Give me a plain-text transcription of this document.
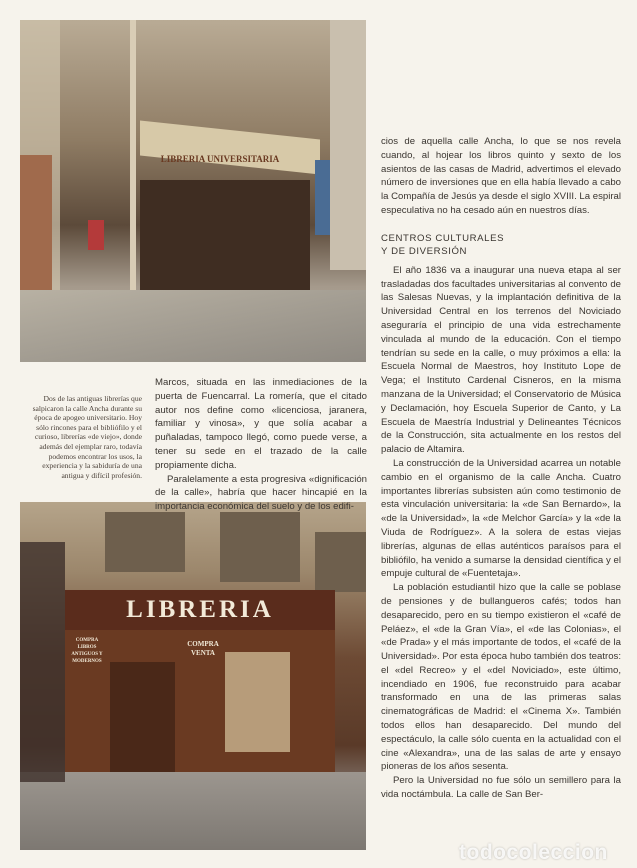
LIBRERIA UNIVERSITARIA
LIBRERIA
COMPRA LIBROS ANTIGUOS Y MODERNOS
COMPRA VENTA
Dos de las antiguas librerías que salpicaron la calle Ancha durante su época de apogeo universitario. Hoy sólo rincones para el bibliófilo y el curioso, librerías «de viejo», donde además del ejemplar raro, todavía podemos encontrar los usos, la experiencia y la sabiduría de una antigua y difícil profesión.

Marcos, situada en las inmediaciones de la puerta de Fuencarral. La romería, que el citado autor nos define como «licenciosa, jaranera, familiar y vinosa», y que solía acabar a puñaladas, tampoco llegó, como puede verse, a tener su sede en el trazado de la calle propiamente dicha.

Paralelamente a esta progresiva «dignificación de la calle», habría que hacer hincapié en la importancia económica del suelo y de los edifi-

cios de aquella calle Ancha, lo que se nos revela cuando, al hojear los libros quinto y sexto de los asientos de las casas de Madrid, advertimos el elevado número de inversiones que en ella había llevado a cabo la Compañía de Jesús ya desde el siglo XVIII. La espiral especulativa no ha cesado aún en nuestros días.

CENTROS CULTURALES
Y DE DIVERSIÓN

El año 1836 va a inaugurar una nueva etapa al ser trasladadas dos facultades universitarias al convento de las Salesas Nuevas, y la implantación definitiva de la Universidad Central en los terrenos del Noviciado aseguraría el principio de una vida estrechamente vinculada al mundo de la educación. Con el tiempo tendrían su sede en la calle, o muy próximos a ella: la Escuela Normal de Maestros, hoy Instituto Lope de Vega; el Instituto Cardenal Cisneros, en la misma manzana de la Universidad; el Conservatorio de Música y Declamación, hoy Escuela Superior de Canto, y La Escuela de Maestría Industrial y Delineantes Técnicos de la Construcción, sita actualmente en los restos del palacio de Altamira.

La construcción de la Universidad acarrea un notable cambio en el organismo de la calle Ancha. Cuatro importantes librerías subsisten aún como testimonio de esta vinculación universitaria: la «de San Bernardo», la «de la Universidad», la «de Melchor García» y la «de la Viuda de Rodríguez». A la solera de estas viejas librerías, algunas de ellas auténticos paraísos para el bibliófilo, ha venido a sumarse la densidad científica y el empuje cultural de «Fuentetaja».

La población estudiantil hizo que la calle se poblase de pensiones y de bullangueros cafés; todos han desaparecido, pero en su tiempo existieron el «café de Peláez», el «de la Gran Vía», el «de las Colonias», el «de Prada» y el más importante de todos, el «café de la Universidad». Por esta época hubo también dos teatros: el «del Recreo» y el «del Noviciado», este último, incendiado en 1906, fue reconstruido para acabar transformado en una de las primeras salas cinematográficas de Madrid: el «Cinema X». También todos ellos han desaparecido. Del mundo del espectáculo, la calle sólo cuenta en la actualidad con el cine «Alexandra», una de las salas de arte y ensayo pioneras de los años sesenta.

Pero la Universidad no fue sólo un semillero para la vida noctámbula. La calle de San Ber-

todocoleccion
